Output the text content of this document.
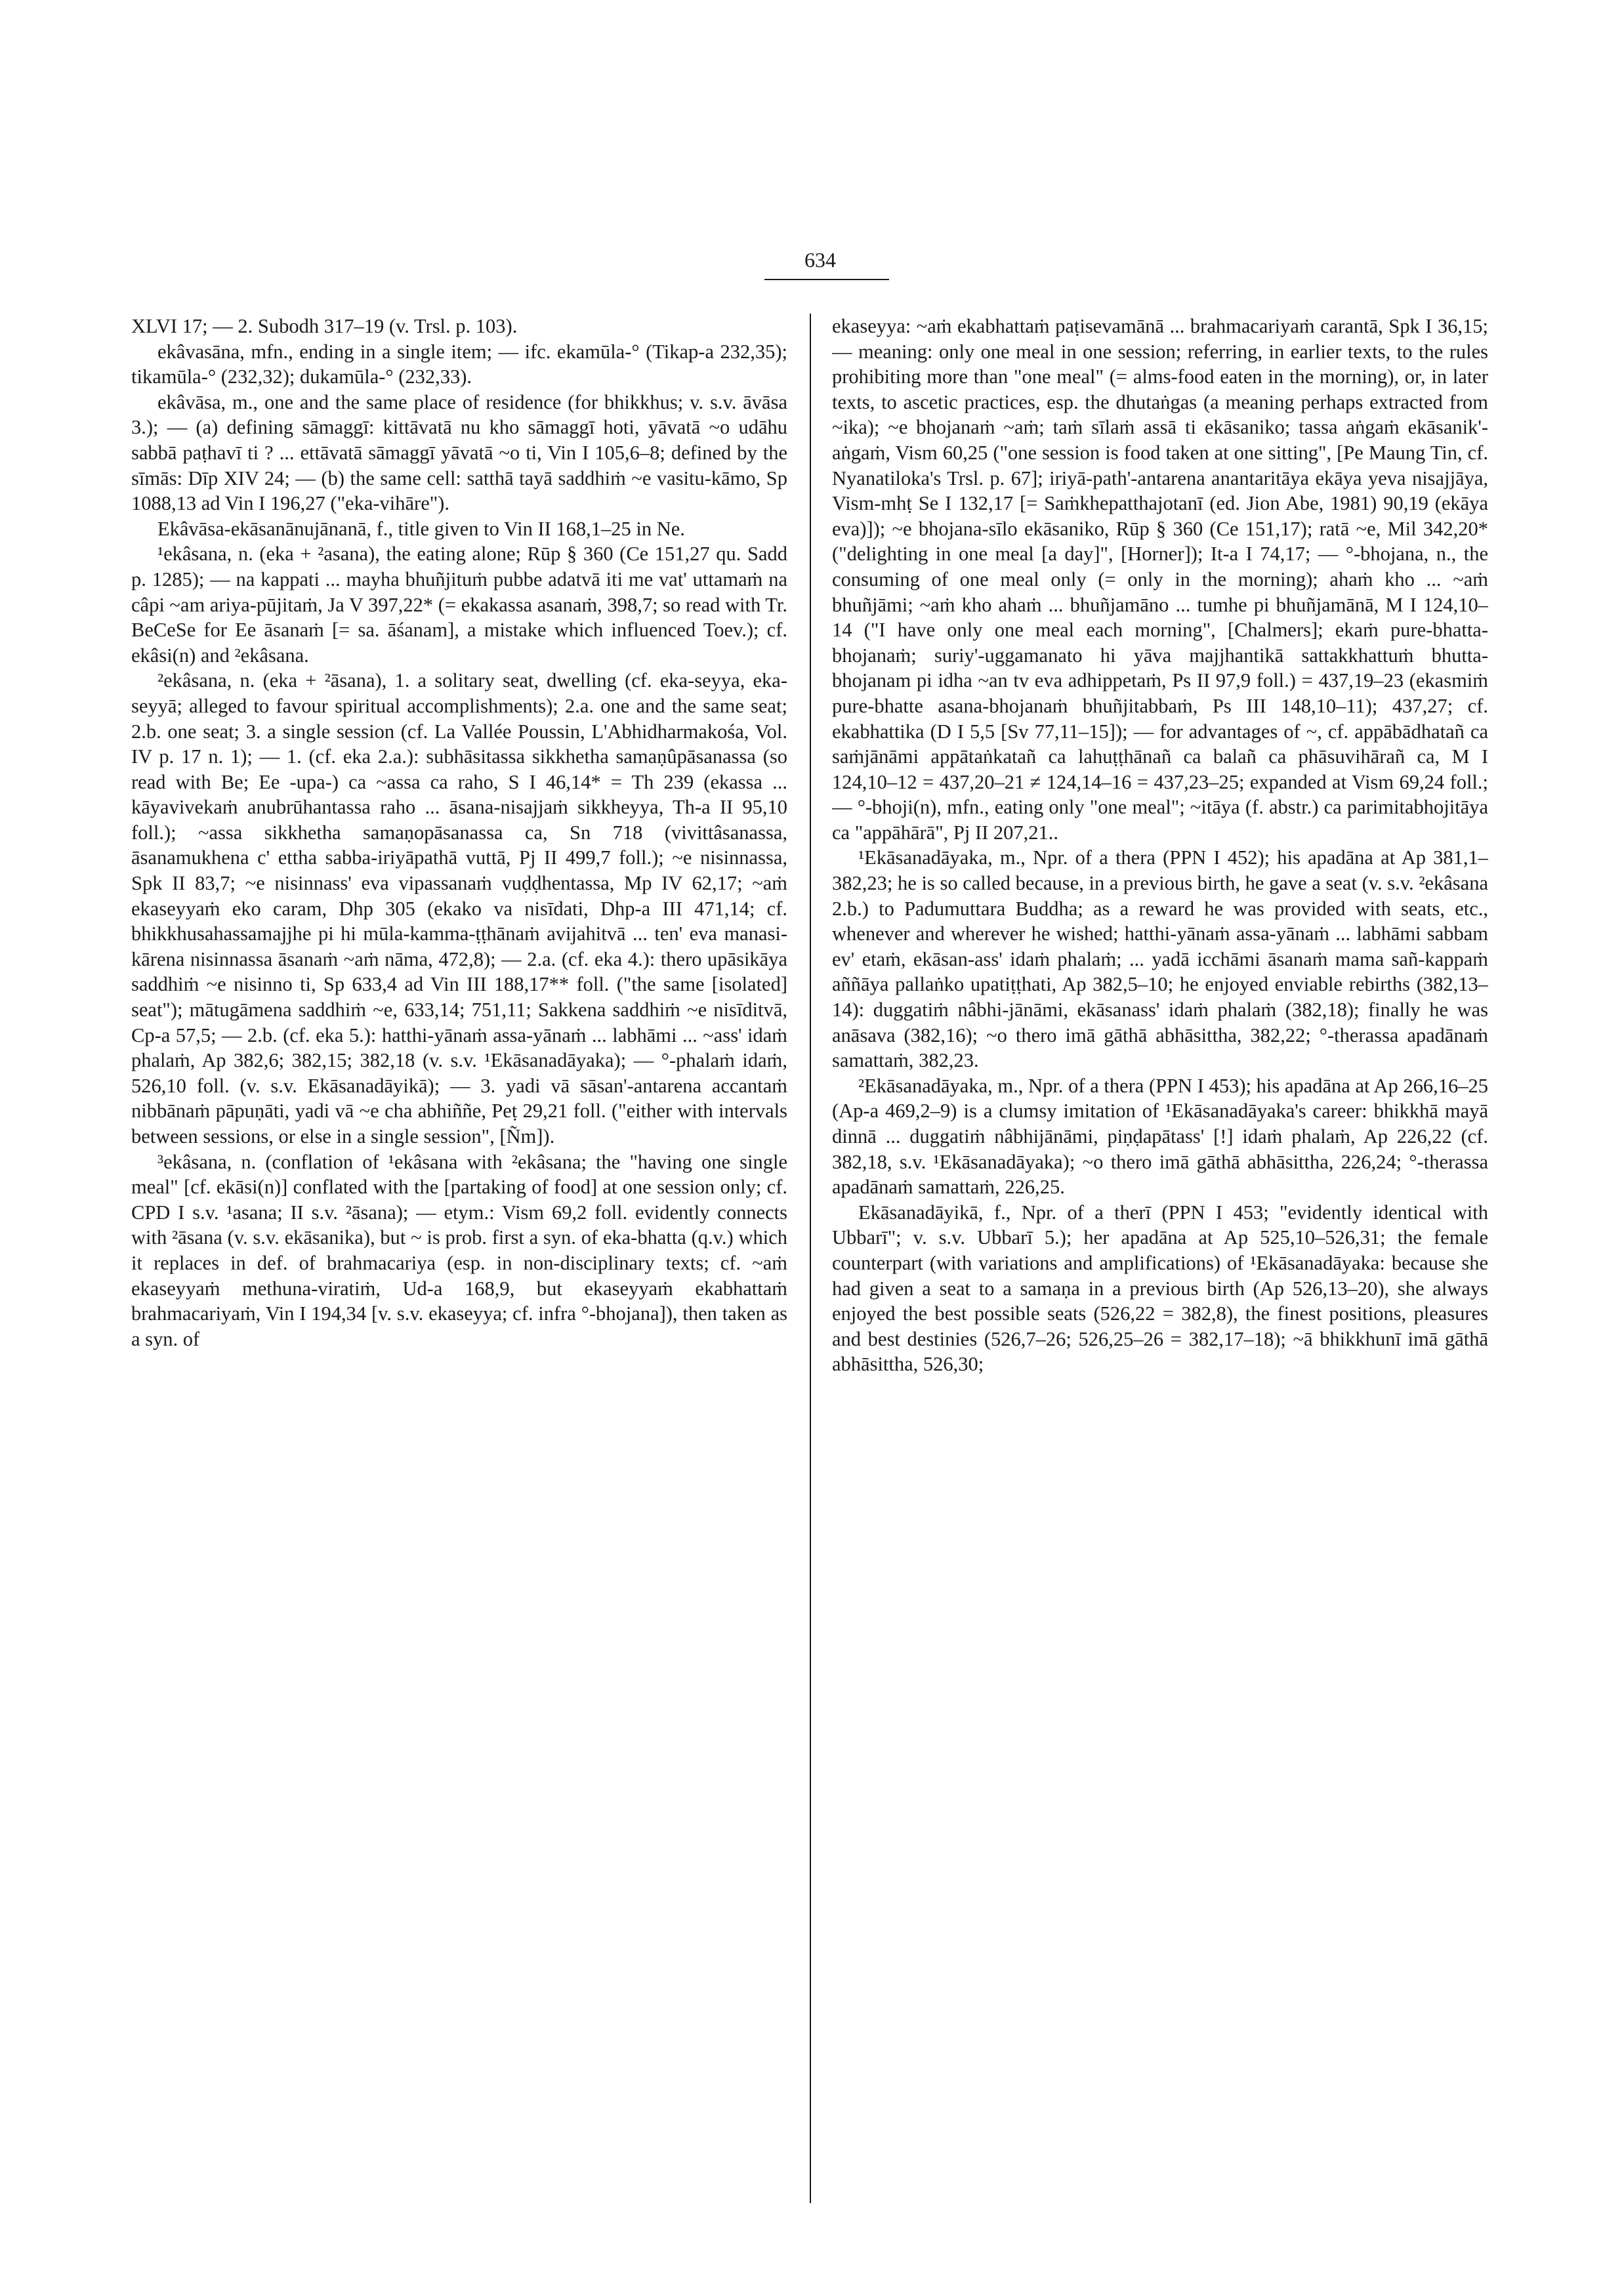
634

XLVI 17; — 2. Subodh 317–19 (v. Trsl. p. 103).

ekâvasāna, mfn., ending in a single item; — ifc. ekamūla-° (Tikap-a 232,35); tikamūla-° (232,32); dukamūla-° (232,33).

ekâvāsa, m., one and the same place of residence (for bhikkhus; v. s.v. āvāsa 3.); — (a) defining sāmaggī: kittāvatā nu kho sāmaggī hoti, yāvatā ~o udāhu sabbā paṭhavī ti ? ... ettāvatā sāmaggī yāvatā ~o ti, Vin I 105,6–8; defined by the sīmās: Dīp XIV 24; — (b) the same cell: satthā tayā saddhiṁ ~e vasitu-kāmo, Sp 1088,13 ad Vin I 196,27 ("eka-vihāre").

Ekâvāsa-ekāsanānujānanā, f., title given to Vin II 168,1–25 in Ne.

¹ekâsana, n. (eka + ²asana), the eating alone; Rūp § 360 (Ce 151,27 qu. Sadd p. 1285); — na kappati ... mayha bhuñjituṁ pubbe adatvā iti me vat' uttamaṁ na câpi ~am ariya-pūjitaṁ, Ja V 397,22* (= ekakassa asanaṁ, 398,7; so read with Tr. BeCeSe for Ee āsanaṁ [= sa. āśanam], a mistake which influenced Toev.); cf. ekâsi(n) and ²ekâsana.

²ekâsana, n. (eka + ²āsana), 1. a solitary seat, dwelling (cf. eka-seyya, eka-seyyā; alleged to favour spiritual accomplishments); 2.a. one and the same seat; 2.b. one seat; 3. a single session (cf. La Vallée Poussin, L'Abhidharmakośa, Vol. IV p. 17 n. 1); — 1. (cf. eka 2.a.): subhāsitassa sikkhetha samaṇûpāsanassa (so read with Be; Ee -upa-) ca ~assa ca raho, S I 46,14* = Th 239 (ekassa ... kāyavivekaṁ anubrūhantassa raho ... āsana-nisajjaṁ sikkheyya, Th-a II 95,10 foll.); ~assa sikkhetha samaṇopāsanassa ca, Sn 718 (vivittâsanassa, āsanamukhena c' ettha sabba-iriyāpathā vuttā, Pj II 499,7 foll.); ~e nisinnassa, Spk II 83,7; ~e nisinnass' eva vipassanaṁ vuḍḍhentassa, Mp IV 62,17; ~aṁ ekaseyyaṁ eko caram, Dhp 305 (ekako va nisīdati, Dhp-a III 471,14; cf. bhikkhusahassamajjhe pi hi mūla-kamma-ṭṭhānaṁ avijahitvā ... ten' eva manasi-kārena nisinnassa āsanaṁ ~aṁ nāma, 472,8); — 2.a. (cf. eka 4.): thero upāsikāya saddhiṁ ~e nisinno ti, Sp 633,4 ad Vin III 188,17** foll. ("the same [isolated] seat"); mātugāmena saddhiṁ ~e, 633,14; 751,11; Sakkena saddhiṁ ~e nisīditvā, Cp-a 57,5; — 2.b. (cf. eka 5.): hatthi-yānaṁ assa-yānaṁ ... labhāmi ... ~ass' idaṁ phalaṁ, Ap 382,6; 382,15; 382,18 (v. s.v. ¹Ekāsanadāyaka); — °-phalaṁ idaṁ, 526,10 foll. (v. s.v. Ekāsanadāyikā); — 3. yadi vā sāsan'-antarena accantaṁ nibbānaṁ pāpuṇāti, yadi vā ~e cha abhiññe, Peṭ 29,21 foll. ("either with intervals between sessions, or else in a single session", [Ñm]).

³ekâsana, n. (conflation of ¹ekâsana with ²ekâsana; the "having one single meal" [cf. ekāsi(n)] conflated with the [partaking of food] at one session only; cf. CPD I s.v. ¹asana; II s.v. ²āsana); — etym.: Vism 69,2 foll. evidently connects with ²āsana (v. s.v. ekāsanika), but ~ is prob. first a syn. of eka-bhatta (q.v.) which it replaces in def. of brahmacariya (esp. in non-disciplinary texts; cf. ~aṁ ekaseyyaṁ methuna-viratiṁ, Ud-a 168,9, but ekaseyyaṁ ekabhattaṁ brahmacariyaṁ, Vin I 194,34 [v. s.v. ekaseyya; cf. infra °-bhojana]), then taken as a syn. of

ekaseyya: ~aṁ ekabhattaṁ paṭisevamānā ... brahmacariyaṁ carantā, Spk I 36,15; — meaning: only one meal in one session; referring, in earlier texts, to the rules prohibiting more than "one meal" (= alms-food eaten in the morning), or, in later texts, to ascetic practices, esp. the dhutaṅgas (a meaning perhaps extracted from ~ika); ~e bhojanaṁ ~aṁ; taṁ sīlaṁ assā ti ekāsaniko; tassa aṅgaṁ ekāsanik'-aṅgaṁ, Vism 60,25 ("one session is food taken at one sitting", [Pe Maung Tin, cf. Nyanatiloka's Trsl. p. 67]; iriyā-path'-antarena anantaritāya ekāya yeva nisajjāya, Vism-mhṭ Se I 132,17 [= Saṁkhepatthajotanī (ed. Jion Abe, 1981) 90,19 (ekāya eva)]); ~e bhojana-sīlo ekāsaniko, Rūp § 360 (Ce 151,17); ratā ~e, Mil 342,20* ("delighting in one meal [a day]", [Horner]); It-a I 74,17; — °-bhojana, n., the consuming of one meal only (= only in the morning); ahaṁ kho ... ~aṁ bhuñjāmi; ~aṁ kho ahaṁ ... bhuñjamāno ... tumhe pi bhuñjamānā, M I 124,10–14 ("I have only one meal each morning", [Chalmers]; ekaṁ pure-bhatta-bhojanaṁ; suriy'-uggamanato hi yāva majjhantikā sattakkhattuṁ bhutta-bhojanam pi idha ~an tv eva adhippetaṁ, Ps II 97,9 foll.) = 437,19–23 (ekasmiṁ pure-bhatte asana-bhojanaṁ bhuñjitabbaṁ, Ps III 148,10–11); 437,27; cf. ekabhattika (D I 5,5 [Sv 77,11–15]); — for advantages of ~, cf. appābādhatañ ca saṁjānāmi appātaṅkatañ ca lahuṭṭhānañ ca balañ ca phāsuvihārañ ca, M I 124,10–12 = 437,20–21 ≠ 124,14–16 = 437,23–25; expanded at Vism 69,24 foll.; — °-bhoji(n), mfn., eating only "one meal"; ~itāya (f. abstr.) ca parimitabhojitāya ca "appāhārā", Pj II 207,21..

¹Ekāsanadāyaka, m., Npr. of a thera (PPN I 452); his apadāna at Ap 381,1–382,23; he is so called because, in a previous birth, he gave a seat (v. s.v. ²ekâsana 2.b.) to Padumuttara Buddha; as a reward he was provided with seats, etc., whenever and wherever he wished; hatthi-yānaṁ assa-yānaṁ ... labhāmi sabbam ev' etaṁ, ekāsan-ass' idaṁ phalaṁ; ... yadā icchāmi āsanaṁ mama sañ-kappaṁ aññāya pallaṅko upatiṭṭhati, Ap 382,5–10; he enjoyed enviable rebirths (382,13–14): duggatiṁ nâbhi-jānāmi, ekāsanass' idaṁ phalaṁ (382,18); finally he was anāsava (382,16); ~o thero imā gāthā abhāsittha, 382,22; °-therassa apadānaṁ samattaṁ, 382,23.

²Ekāsanadāyaka, m., Npr. of a thera (PPN I 453); his apadāna at Ap 266,16–25 (Ap-a 469,2–9) is a clumsy imitation of ¹Ekāsanadāyaka's career: bhikkhā mayā dinnā ... duggatiṁ nâbhijānāmi, piṇḍapātass' [!] idaṁ phalaṁ, Ap 226,22 (cf. 382,18, s.v. ¹Ekāsanadāyaka); ~o thero imā gāthā abhāsittha, 226,24; °-therassa apadānaṁ samattaṁ, 226,25.

Ekāsanadāyikā, f., Npr. of a therī (PPN I 453; "evidently identical with Ubbarī"; v. s.v. Ubbarī 5.); her apadāna at Ap 525,10–526,31; the female counterpart (with variations and amplifications) of ¹Ekāsanadāyaka: because she had given a seat to a samaṇa in a previous birth (Ap 526,13–20), she always enjoyed the best possible seats (526,22 = 382,8), the finest positions, pleasures and best destinies (526,7–26; 526,25–26 = 382,17–18); ~ā bhikkhunī imā gāthā abhāsittha, 526,30;
